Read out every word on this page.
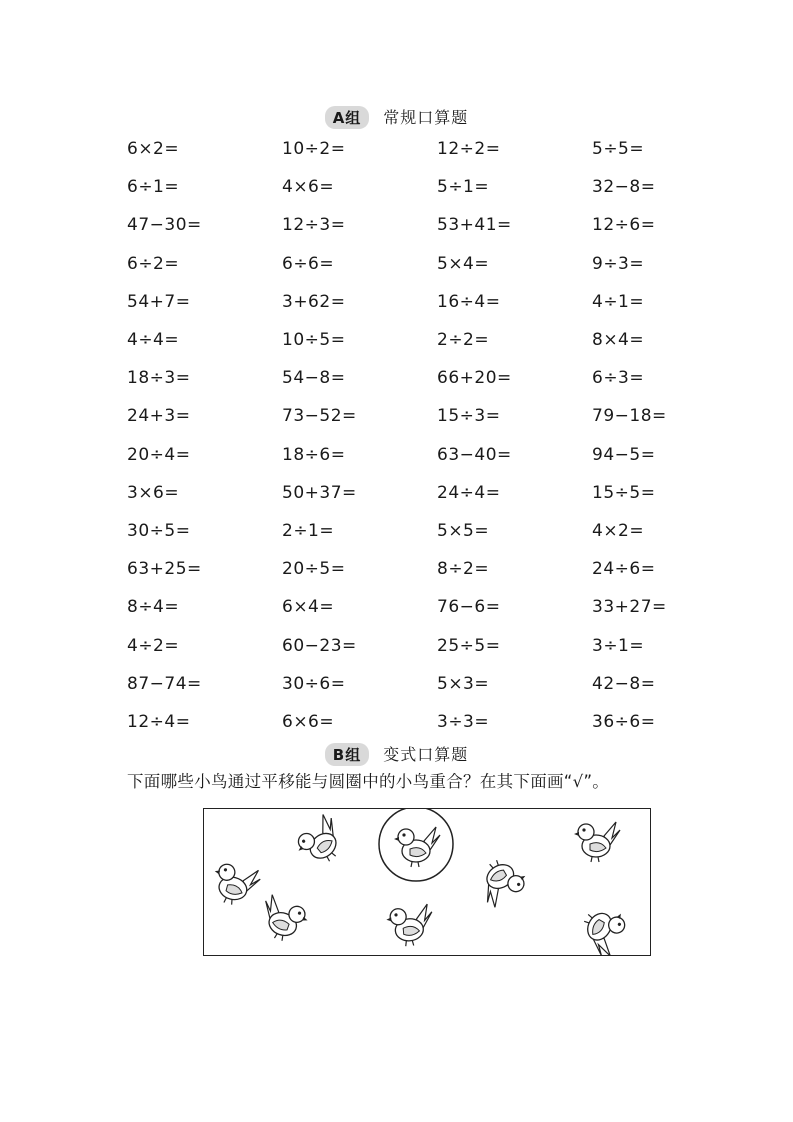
A组 常规口算题
6×2=	10÷2=	12÷2=	5÷5=
6÷1=	4×6=	5÷1=	32−8=
47−30=	12÷3=	53+41=	12÷6=
6÷2=	6÷6=	5×4=	9÷3=
54+7=	3+62=	16÷4=	4÷1=
4÷4=	10÷5=	2÷2=	8×4=
18÷3=	54−8=	66+20=	6÷3=
24+3=	73−52=	15÷3=	79−18=
20÷4=	18÷6=	63−40=	94−5=
3×6=	50+37=	24÷4=	15÷5=
30÷5=	2÷1=	5×5=	4×2=
63+25=	20÷5=	8÷2=	24÷6=
8÷4=	6×4=	76−6=	33+27=
4÷2=	60−23=	25÷5=	3÷1=
87−74=	30÷6=	5×3=	42−8=
12÷4=	6×6=	3÷3=	36÷6=
B组 变式口算题
下面哪些小鸟通过平移能与圆圈中的小鸟重合？在其下面画“√”。
